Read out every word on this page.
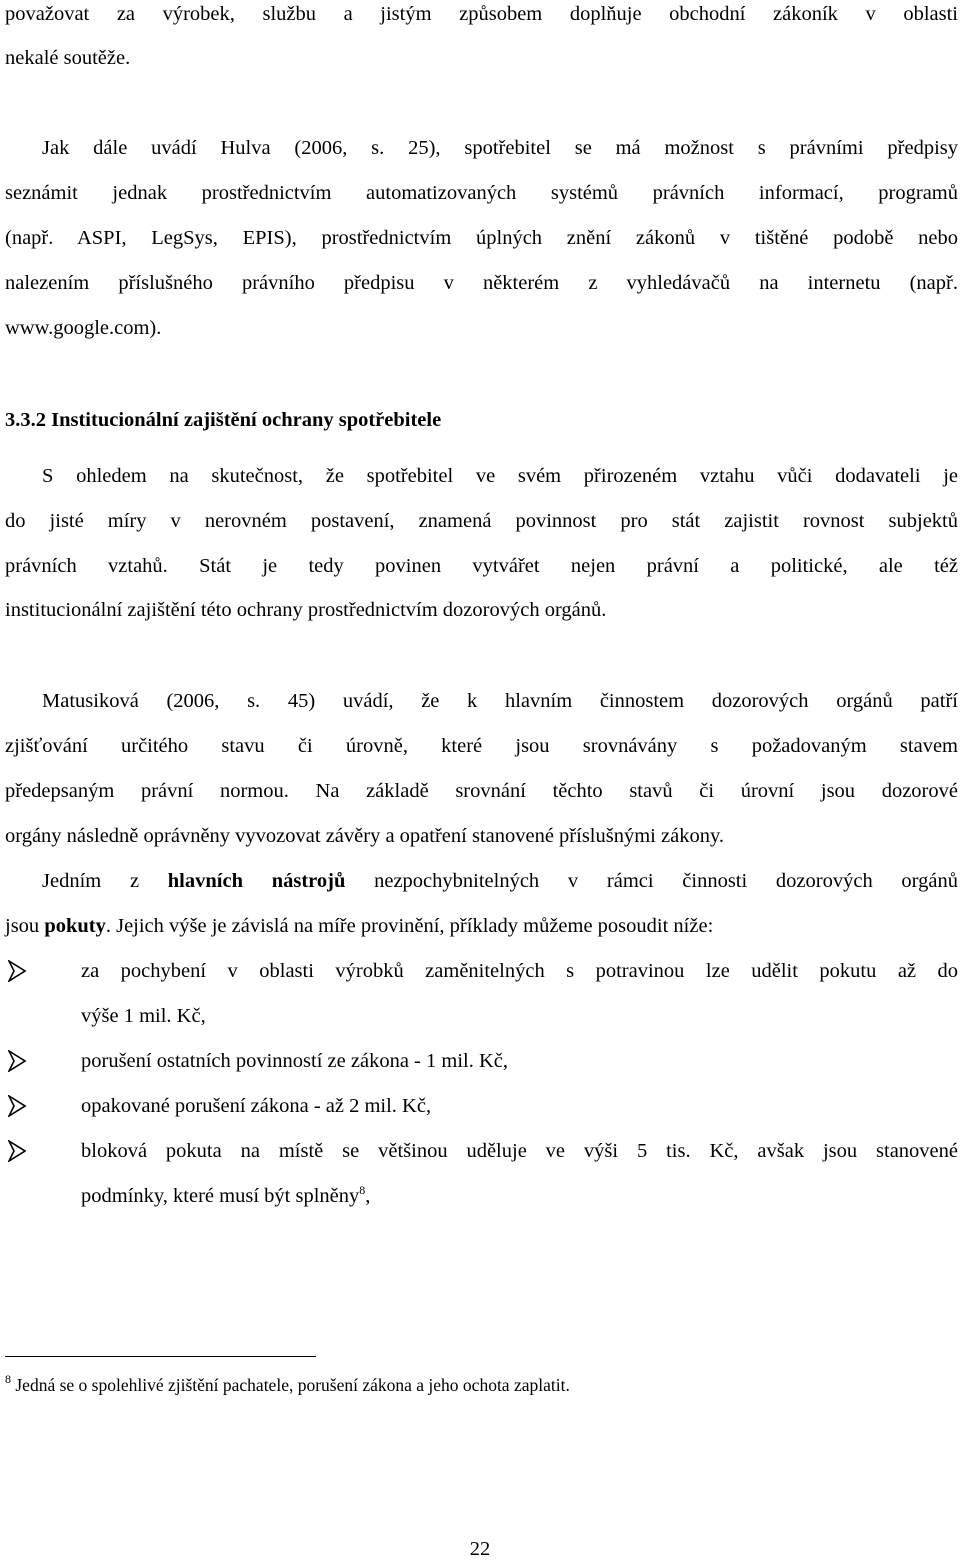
považovat za výrobek, službu a jistým způsobem doplňuje obchodní zákoník v oblasti
nekalé soutěže.
Jak dále uvádí Hulva (2006, s. 25), spotřebitel se má možnost s právními předpisy
seznámit jednak prostřednictvím automatizovaných systémů právních informací, programů
(např. ASPI, LegSys, EPIS), prostřednictvím úplných znění zákonů v tištěné podobě nebo
nalezením příslušného právního předpisu v některém z vyhledávačů na internetu (např.
www.google.com).
3.3.2 Institucionální zajištění ochrany spotřebitele
S ohledem na skutečnost, že spotřebitel ve svém přirozeném vztahu vůči dodavateli je
do jisté míry v nerovném postavení, znamená povinnost pro stát zajistit rovnost subjektů
právních vztahů. Stát je tedy povinen vytvářet nejen právní a politické, ale též
institucionální zajištění této ochrany prostřednictvím dozorových orgánů.
Matusiková (2006, s. 45) uvádí, že k hlavním činnostem dozorových orgánů patří
zjišťování určitého stavu či úrovně, které jsou srovnávány s požadovaným stavem
předepsaným právní normou. Na základě srovnání těchto stavů či úrovní jsou dozorové
orgány následně oprávněny vyvozovat závěry a opatření stanovené příslušnými zákony.
Jedním z hlavních nástrojů nezpochybnitelných v rámci činnosti dozorových orgánů
jsou pokuty. Jejich výše je závislá na míře provinění, příklady můžeme posoudit níže:
za pochybení v oblasti výrobků zaměnitelných s potravinou lze udělit pokutu až do
výše 1 mil. Kč,
porušení ostatních povinností ze zákona - 1 mil. Kč,
opakované porušení zákona - až 2 mil. Kč,
bloková pokuta na místě se většinou uděluje ve výši 5 tis. Kč, avšak jsou stanovené
podmínky, které musí být splněny$^8$,
$^8$ Jedná se o spolehlivé zjištění pachatele, porušení zákona a jeho ochota zaplatit.
22
